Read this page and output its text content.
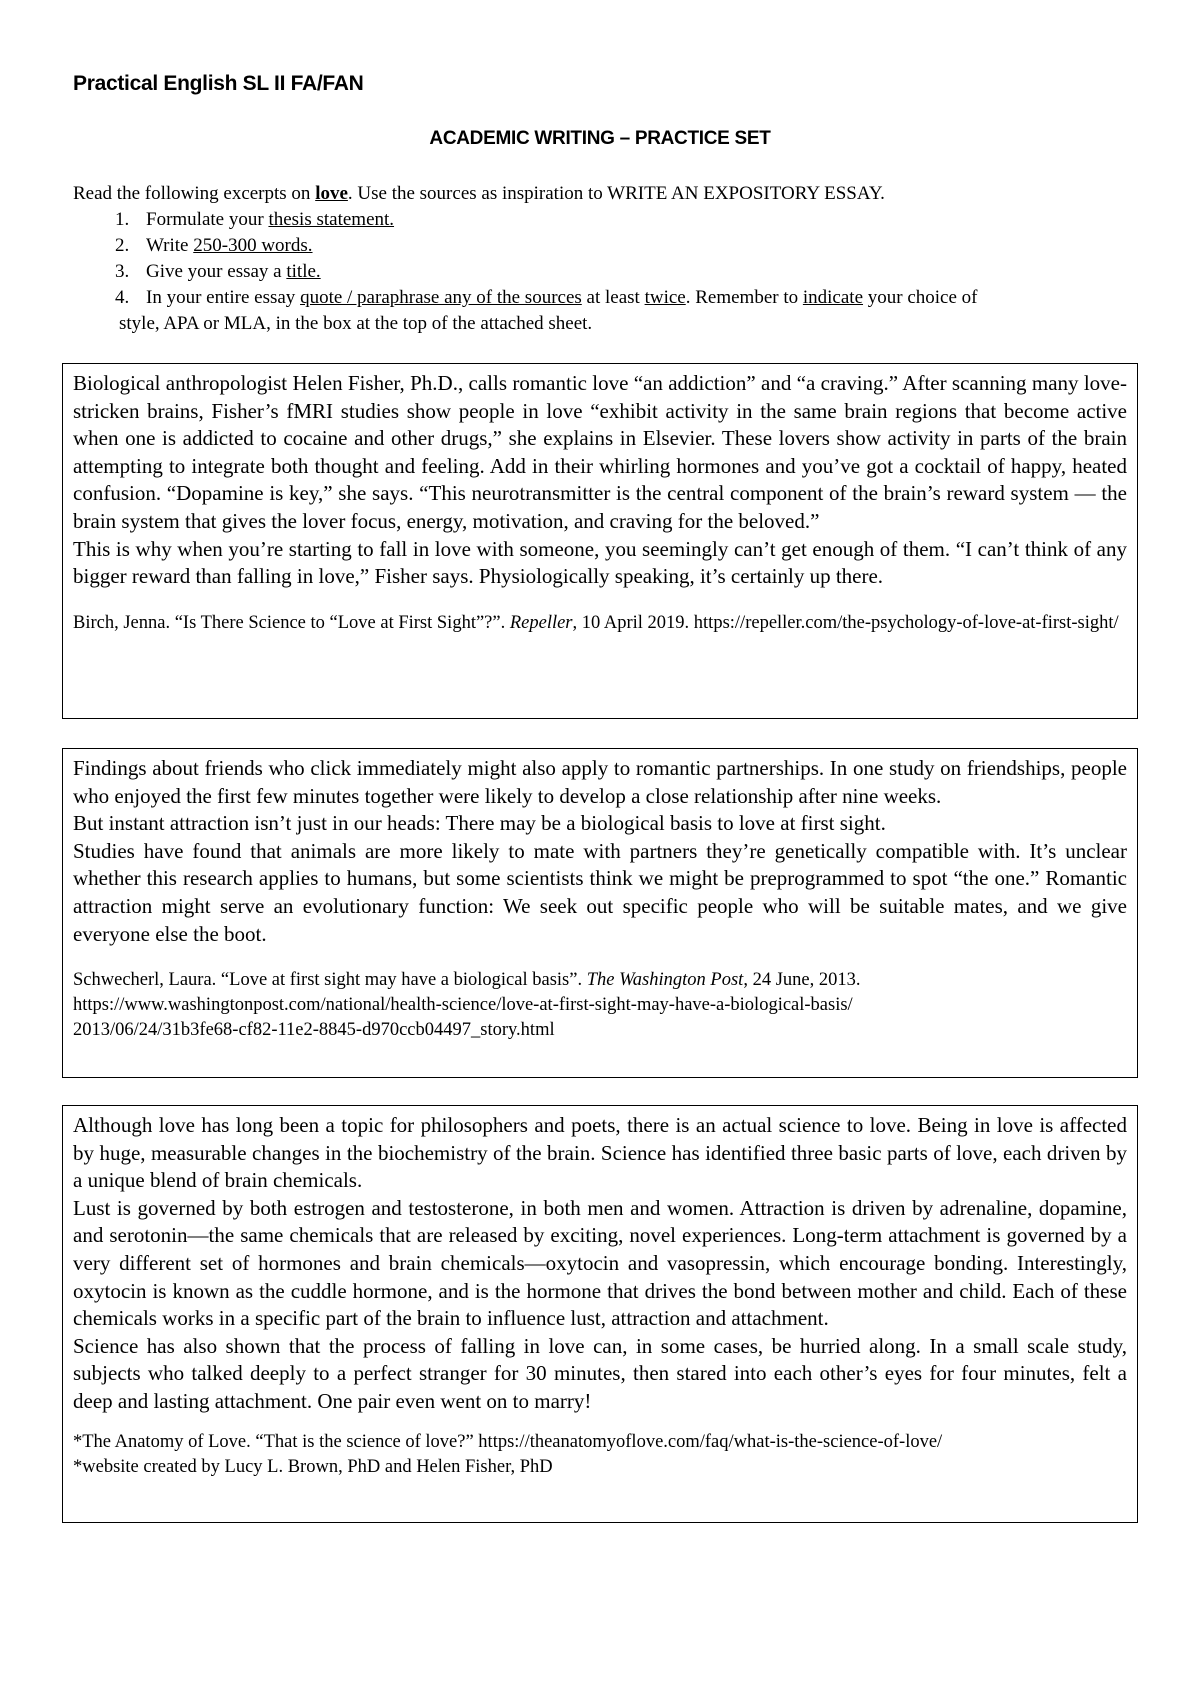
Practical English SL II FA/FAN
ACADEMIC WRITING – PRACTICE SET
Read the following excerpts on love. Use the sources as inspiration to WRITE AN EXPOSITORY ESSAY.
1. Formulate your thesis statement.
2. Write 250-300 words.
3. Give your essay a title.
4. In your entire essay quote / paraphrase any of the sources at least twice. Remember to indicate your choice of
style, APA or MLA, in the box at the top of the attached sheet.

Biological anthropologist Helen Fisher, Ph.D., calls romantic love “an addiction” and “a craving.” After scanning many love-stricken brains, Fisher’s fMRI studies show people in love “exhibit activity in the same brain regions that become active when one is addicted to cocaine and other drugs,” she explains in Elsevier. These lovers show activity in parts of the brain attempting to integrate both thought and feeling. Add in their whirling hormones and you’ve got a cocktail of happy, heated confusion. “Dopamine is key,” she says. “This neurotransmitter is the central component of the brain’s reward system — the brain system that gives the lover focus, energy, motivation, and craving for the beloved.”

This is why when you’re starting to fall in love with someone, you seemingly can’t get enough of them. “I can’t think of any bigger reward than falling in love,” Fisher says. Physiologically speaking, it’s certainly up there.

Birch, Jenna. “Is There Science to “Love at First Sight”?”. Repeller, 10 April 2019. https://repeller.com/the-psychology-of-love-at-first-sight/

Findings about friends who click immediately might also apply to romantic partnerships. In one study on friendships, people who enjoyed the first few minutes together were likely to develop a close relationship after nine weeks.

But instant attraction isn’t just in our heads: There may be a biological basis to love at first sight.

Studies have found that animals are more likely to mate with partners they’re genetically compatible with. It’s unclear whether this research applies to humans, but some scientists think we might be preprogrammed to spot “the one.” Romantic attraction might serve an evolutionary function: We seek out specific people who will be suitable mates, and we give everyone else the boot.

Schwecherl, Laura. “Love at first sight may have a biological basis”. The Washington Post, 24 June, 2013.
https://www.washingtonpost.com/national/health-science/love-at-first-sight-may-have-a-biological-basis/
2013/06/24/31b3fe68-cf82-11e2-8845-d970ccb04497_story.html

Although love has long been a topic for philosophers and poets, there is an actual science to love. Being in love is affected by huge, measurable changes in the biochemistry of the brain. Science has identified three basic parts of love, each driven by a unique blend of brain chemicals.

Lust is governed by both estrogen and testosterone, in both men and women. Attraction is driven by adrenaline, dopamine, and serotonin—the same chemicals that are released by exciting, novel experiences. Long-term attachment is governed by a very different set of hormones and brain chemicals—oxytocin and vasopressin, which encourage bonding. Interestingly, oxytocin is known as the cuddle hormone, and is the hormone that drives the bond between mother and child. Each of these chemicals works in a specific part of the brain to influence lust, attraction and attachment.

Science has also shown that the process of falling in love can, in some cases, be hurried along. In a small scale study, subjects who talked deeply to a perfect stranger for 30 minutes, then stared into each other’s eyes for four minutes, felt a deep and lasting attachment. One pair even went on to marry!

*The Anatomy of Love. “That is the science of love?” https://theanatomyoflove.com/faq/what-is-the-science-of-love/
*website created by Lucy L. Brown, PhD and Helen Fisher, PhD
